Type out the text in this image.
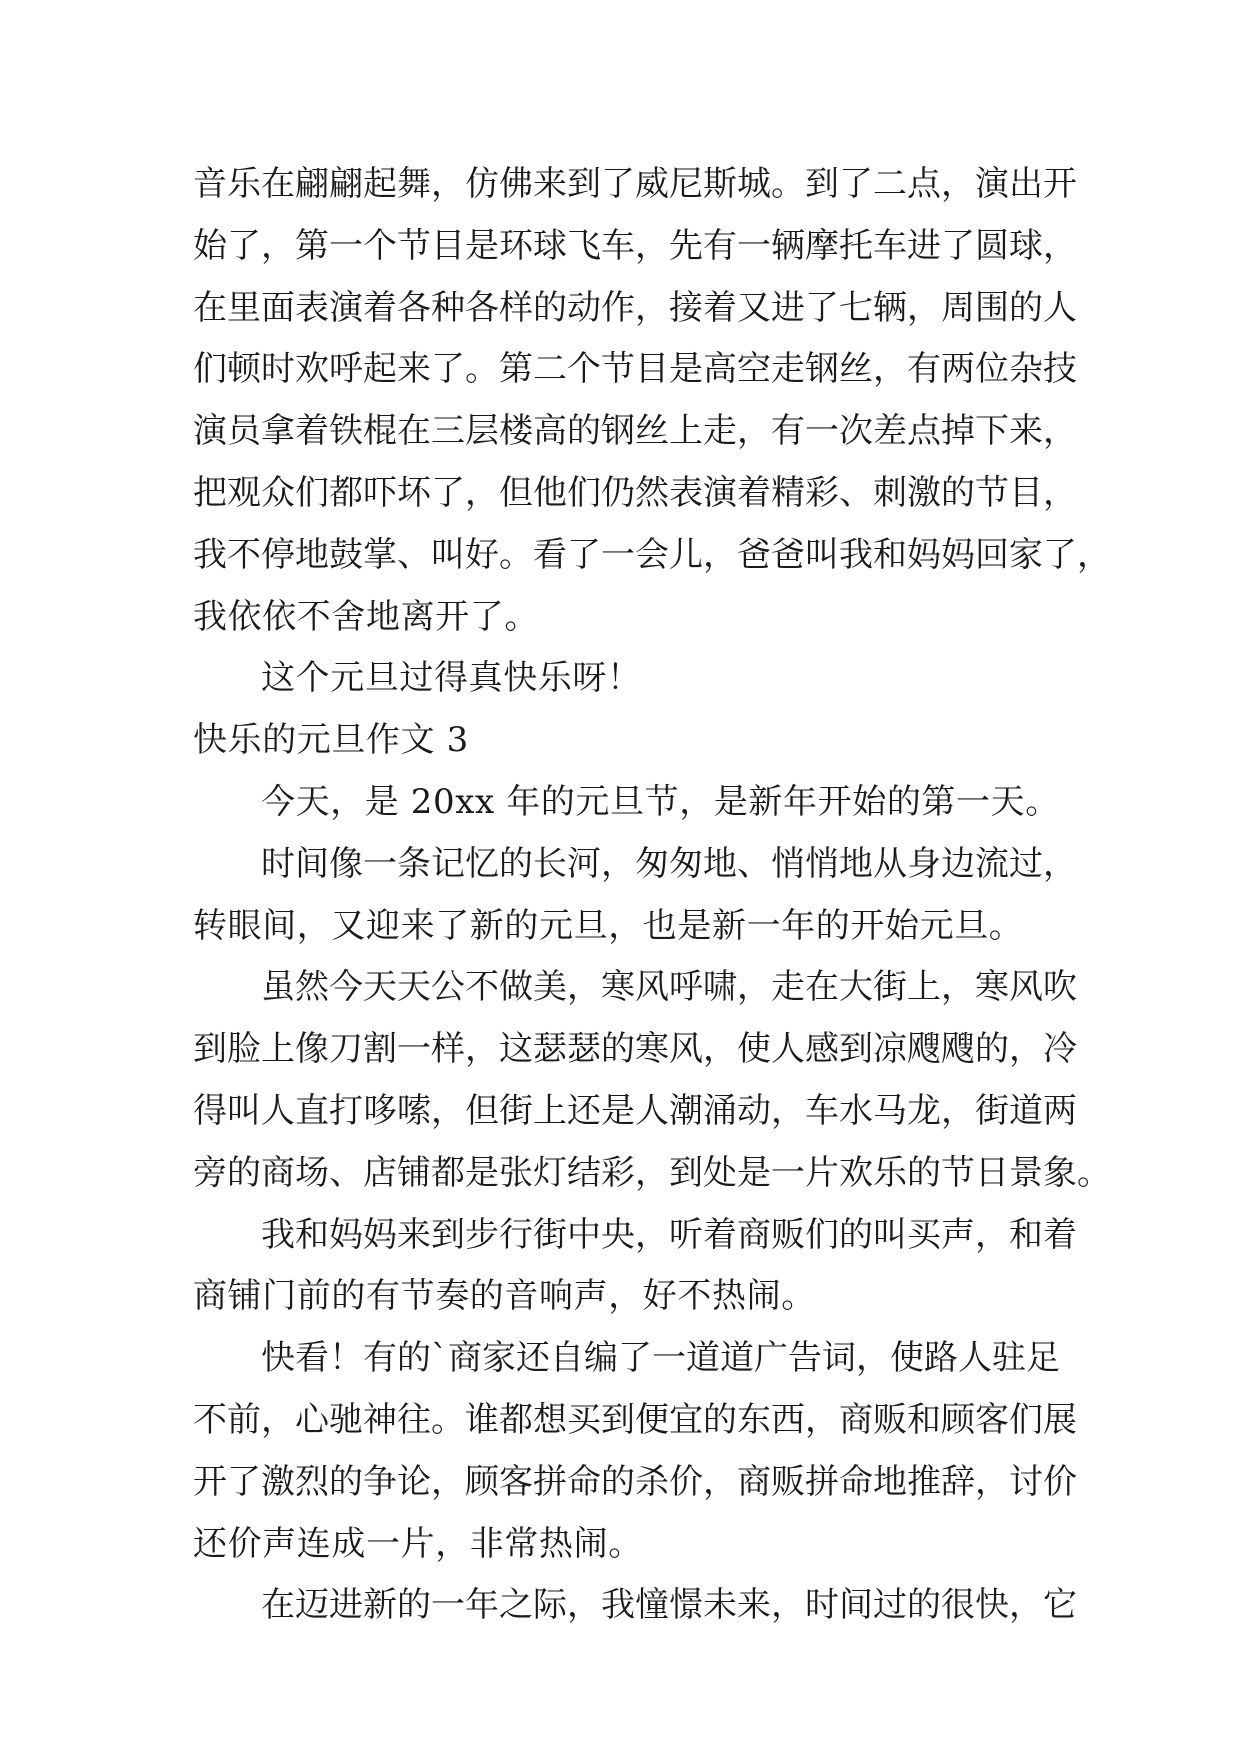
音乐在翩翩起舞，仿佛来到了威尼斯城。到了二点，演出开
始了，第一个节目是环球飞车，先有一辆摩托车进了圆球，
在里面表演着各种各样的动作，接着又进了七辆，周围的人
们顿时欢呼起来了。第二个节目是高空走钢丝，有两位杂技
演员拿着铁棍在三层楼高的钢丝上走，有一次差点掉下来，
把观众们都吓坏了，但他们仍然表演着精彩、刺激的节目，
我不停地鼓掌、叫好。看了一会儿，爸爸叫我和妈妈回家了，
我依依不舍地离开了。
这个元旦过得真快乐呀！
快乐的元旦作文 3
今天，是 20xx 年的元旦节，是新年开始的第一天。
时间像一条记忆的长河，匆匆地、悄悄地从身边流过，
转眼间，又迎来了新的元旦，也是新一年的开始元旦。
虽然今天天公不做美，寒风呼啸，走在大街上，寒风吹
到脸上像刀割一样，这瑟瑟的寒风，使人感到凉飕飕的，冷
得叫人直打哆嗦，但街上还是人潮涌动，车水马龙，街道两
旁的商场、店铺都是张灯结彩，到处是一片欢乐的节日景象。
我和妈妈来到步行街中央，听着商贩们的叫买声，和着
商铺门前的有节奏的音响声，好不热闹。
快看！有的`商家还自编了一道道广告词，使路人驻足
不前，心驰神往。谁都想买到便宜的东西，商贩和顾客们展
开了激烈的争论，顾客拼命的杀价，商贩拼命地推辞，讨价
还价声连成一片，非常热闹。
在迈进新的一年之际，我憧憬未来，时间过的很快，它
